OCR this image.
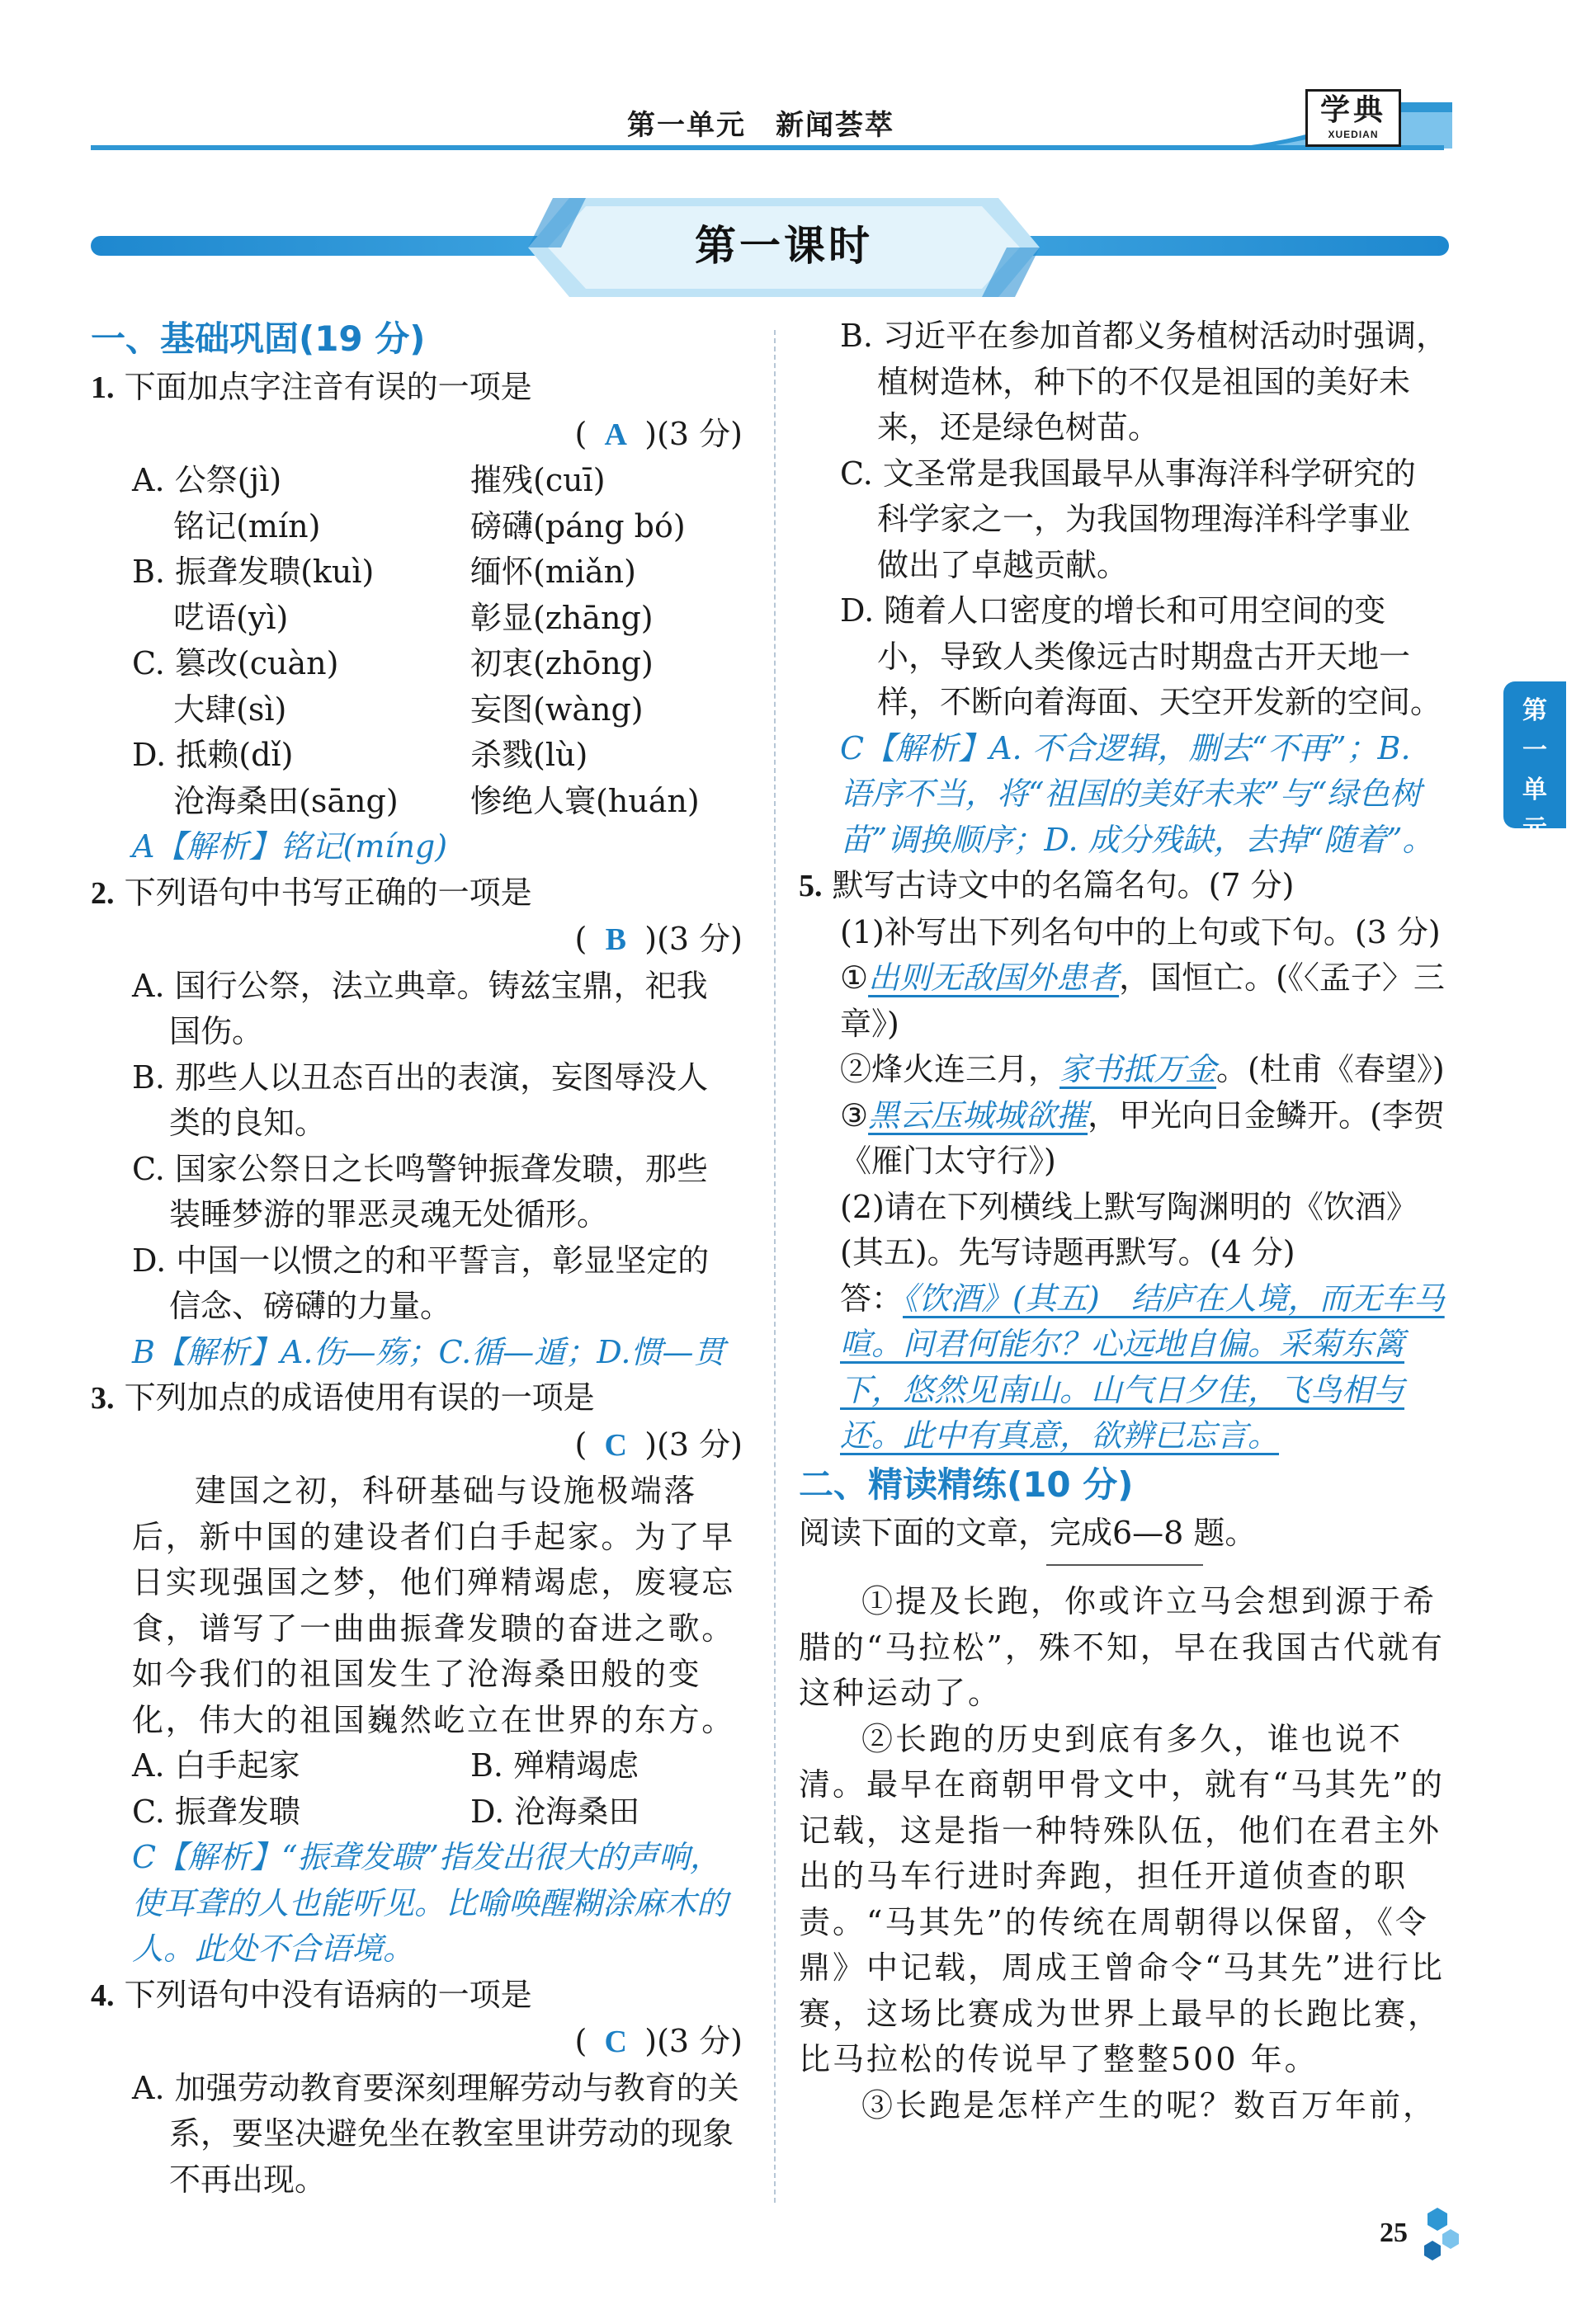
第一单元 新闻荟萃	学典
XUEDIAN
第一课时
一、基础巩固(19 分)
1. 下面加点字注音有误的一项是
( A )(3 分)
A. 公祭(jì)	摧残(cuī)
　 铭记(mín)	磅礴(páng bó)
B. 振聋发聩(kuì)	缅怀(miǎn)
　 呓语(yì)	彰显(zhāng)
C. 篡改(cuàn)	初衷(zhōng)
　 大肆(sì)	妄图(wàng)
D. 抵赖(dǐ)	杀戮(lù)
　 沧海桑田(sāng)	惨绝人寰(huán)
A【解析】铭记(míng)
2. 下列语句中书写正确的一项是
( B )(3 分)
A. 国行公祭，法立典章。铸兹宝鼎，祀我
国伤。
B. 那些人以丑态百出的表演，妄图辱没人
类的良知。
C. 国家公祭日之长鸣警钟振聋发聩，那些
装睡梦游的罪恶灵魂无处循形。
D. 中国一以惯之的和平誓言，彰显坚定的
信念、磅礴的力量。
B【解析】A.伤—殇；C.循—遁；D.惯—贯
3. 下列加点的成语使用有误的一项是
( C )(3 分)
建国之初，科研基础与设施极端落后，新中国的建设者们白手起家。为了早日实现强国之梦，他们殚精竭虑，废寝忘食，谱写了一曲曲振聋发聩的奋进之歌。如今我们的祖国发生了沧海桑田般的变化，伟大的祖国巍然屹立在世界的东方。
A. 白手起家	B. 殚精竭虑
C. 振聋发聩	D. 沧海桑田
C【解析】“振聋发聩”指发出很大的声响，使耳聋的人也能听见。比喻唤醒糊涂麻木的人。此处不合语境。
4. 下列语句中没有语病的一项是
( C )(3 分)
A. 加强劳动教育要深刻理解劳动与教育的关
系，要坚决避免坐在教室里讲劳动的现象
不再出现。
B. 习近平在参加首都义务植树活动时强调，
植树造林，种下的不仅是祖国的美好未
来，还是绿色树苗。
C. 文圣常是我国最早从事海洋科学研究的
科学家之一，为我国物理海洋科学事业
做出了卓越贡献。
D. 随着人口密度的增长和可用空间的变
小，导致人类像远古时期盘古开天地一
样，不断向着海面、天空开发新的空间。
C【解析】A. 不合逻辑，删去“不再”；B. 语序不当，将“祖国的美好未来”与“绿色树苗”调换顺序；D. 成分残缺，去掉“随着”。
5. 默写古诗文中的名篇名句。(7 分)
(1)补写出下列名句中的上句或下句。(3 分)
①出则无敌国外患者，国恒亡。(《〈孟子〉三章》)
②烽火连三月，家书抵万金。(杜甫《春望》)
③黑云压城城欲摧，甲光向日金鳞开。(李贺《雁门太守行》)
(2)请在下列横线上默写陶渊明的《饮酒》(其五)。先写诗题再默写。(4 分)
答：《饮酒》(其五)　结庐在人境，而无车马喧。问君何能尔？心远地自偏。采菊东篱下，悠然见南山。山气日夕佳，飞鸟相与还。此中有真意，欲辨已忘言。
二、精读精练(10 分)
阅读下面的文章，完成6—8 题。
①提及长跑，你或许立马会想到源于希腊的“马拉松”，殊不知，早在我国古代就有这种运动了。
②长跑的历史到底有多久，谁也说不清。最早在商朝甲骨文中，就有“马其先”的记载，这是指一种特殊队伍，他们在君主外出的马车行进时奔跑，担任开道侦查的职责。“马其先”的传统在周朝得以保留，《令鼎》中记载，周成王曾命令“马其先”进行比赛，这场比赛成为世界上最早的长跑比赛，比马拉松的传说早了整整500 年。
③长跑是怎样产生的呢？数百万年前，
第一单元
25
